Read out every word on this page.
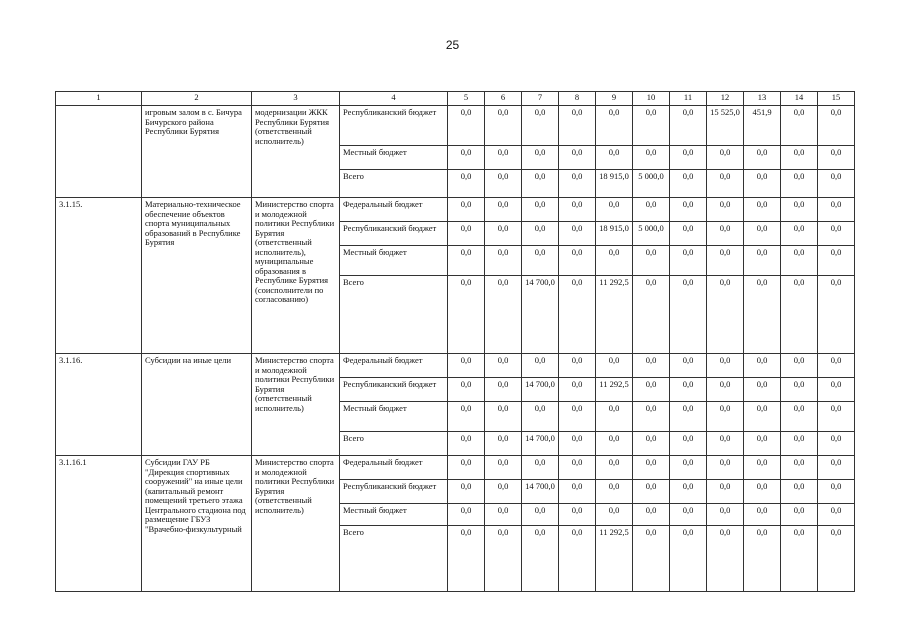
25
1	2	3	4	5	6	7	8	9	10	11	12	13	14	15
	игровым залом в с. Бичура Бичурского района Республики Бурятия	модернизации ЖКК Республики Бурятия (ответственный исполнитель)	Республиканский бюджет	0,0	0,0	0,0	0,0	0,0	0,0	0,0	15 525,0	451,9	0,0	0,0
			Местный бюджет	0,0	0,0	0,0	0,0	0,0	0,0	0,0	0,0	0,0	0,0	0,0
			Всего	0,0	0,0	0,0	0,0	18 915,0	5 000,0	0,0	0,0	0,0	0,0	0,0
3.1.15.	Материально-техническое обеспечение объектов спорта муниципальных образований в Республике Бурятия	Министерство спорта и молодежной политики Республики Бурятия (ответственный исполнитель), муниципальные образования в Республике Бурятия (соисполнители по согласованию)	Федеральный бюджет	0,0	0,0	0,0	0,0	0,0	0,0	0,0	0,0	0,0	0,0	0,0
			Республиканский бюджет	0,0	0,0	0,0	0,0	18 915,0	5 000,0	0,0	0,0	0,0	0,0	0,0
			Местный бюджет	0,0	0,0	0,0	0,0	0,0	0,0	0,0	0,0	0,0	0,0	0,0
			Всего	0,0	0,0	14 700,0	0,0	11 292,5	0,0	0,0	0,0	0,0	0,0	0,0
3.1.16.	Субсидии на иные цели	Министерство спорта и молодежной политики Республики Бурятия (ответственный исполнитель)	Федеральный бюджет	0,0	0,0	0,0	0,0	0,0	0,0	0,0	0,0	0,0	0,0	0,0
			Республиканский бюджет	0,0	0,0	14 700,0	0,0	11 292,5	0,0	0,0	0,0	0,0	0,0	0,0
			Местный бюджет	0,0	0,0	0,0	0,0	0,0	0,0	0,0	0,0	0,0	0,0	0,0
			Всего	0,0	0,0	14 700,0	0,0	0,0	0,0	0,0	0,0	0,0	0,0	0,0
3.1.16.1	Субсидии ГАУ РБ "Дирекция спортивных сооружений" на иные цели (капитальный ремонт помещений третьего этажа Центрального стадиона под размещение ГБУЗ "Врачебно-физкультурный	Министерство спорта и молодежной политики Республики Бурятия (ответственный исполнитель)	Федеральный бюджет	0,0	0,0	0,0	0,0	0,0	0,0	0,0	0,0	0,0	0,0	0,0
			Республиканский бюджет	0,0	0,0	14 700,0	0,0	0,0	0,0	0,0	0,0	0,0	0,0	0,0
			Местный бюджет	0,0	0,0	0,0	0,0	0,0	0,0	0,0	0,0	0,0	0,0	0,0
			Всего	0,0	0,0	0,0	0,0	11 292,5	0,0	0,0	0,0	0,0	0,0	0,0
